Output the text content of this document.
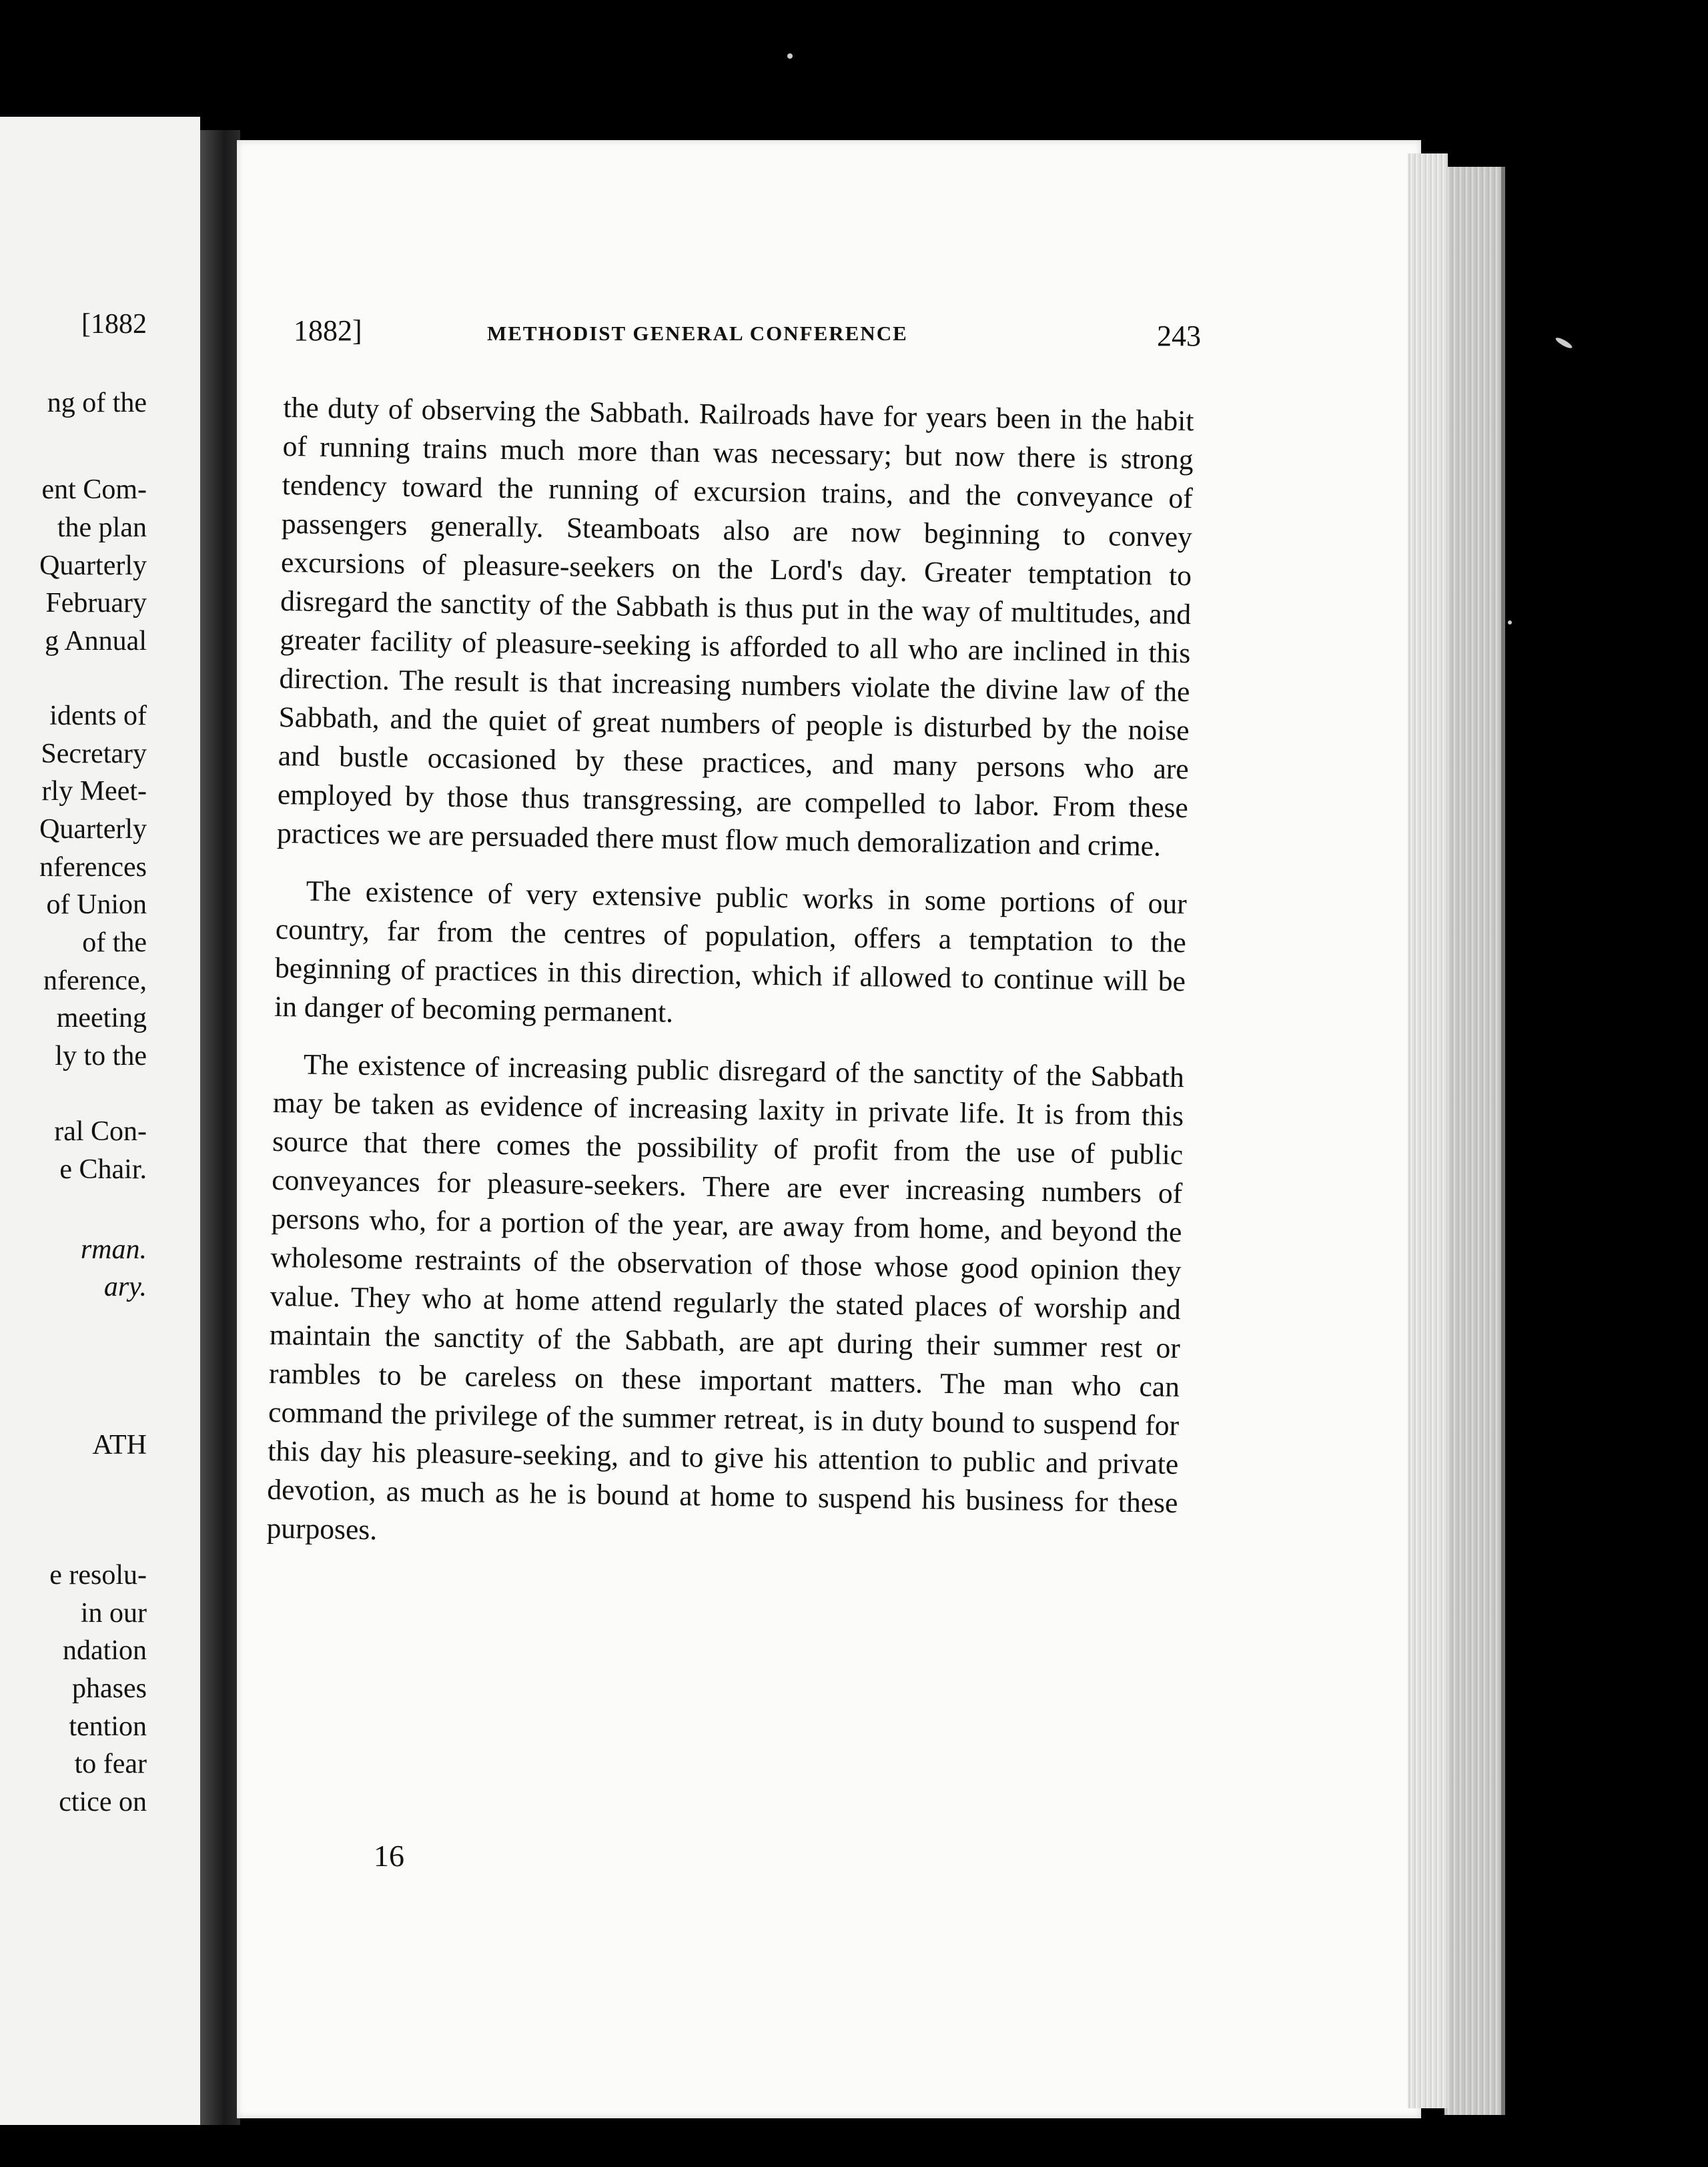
[1882
ng of the
ent Com-
the plan
Quarterly
February
g Annual
idents of
Secretary
rly Meet-
Quarterly
nferences
of Union
of the
nference,
meeting
ly to the
ral Con-
e Chair.
rman.
ary.
ATH
e resolu-
in our
ndation
phases
tention
to fear
ctice on
1882]	METHODIST GENERAL CONFERENCE	243

the duty of observing the Sabbath. Railroads have for years been in the habit of running trains much more than was necessary; but now there is strong tendency toward the running of excursion trains, and the conveyance of passengers generally. Steamboats also are now beginning to convey excursions of pleasure-seekers on the Lord's day. Greater temptation to disregard the sanctity of the Sabbath is thus put in the way of multitudes, and greater facility of pleasure-seeking is afforded to all who are inclined in this direction. The result is that increasing numbers violate the divine law of the Sabbath, and the quiet of great numbers of people is disturbed by the noise and bustle occasioned by these practices, and many persons who are employed by those thus transgressing, are compelled to labor. From these practices we are persuaded there must flow much demoralization and crime.

The existence of very extensive public works in some portions of our country, far from the centres of population, offers a temptation to the beginning of practices in this direction, which if allowed to continue will be in danger of becoming permanent.

The existence of increasing public disregard of the sanctity of the Sabbath may be taken as evidence of increasing laxity in private life. It is from this source that there comes the possibility of profit from the use of public conveyances for pleasure-seekers. There are ever increasing numbers of persons who, for a portion of the year, are away from home, and beyond the wholesome restraints of the observation of those whose good opinion they value. They who at home attend regularly the stated places of worship and maintain the sanctity of the Sabbath, are apt during their summer rest or rambles to be careless on these important matters. The man who can command the privilege of the summer retreat, is in duty bound to suspend for this day his pleasure-seeking, and to give his attention to public and private devotion, as much as he is bound at home to suspend his business for these purposes.

16
